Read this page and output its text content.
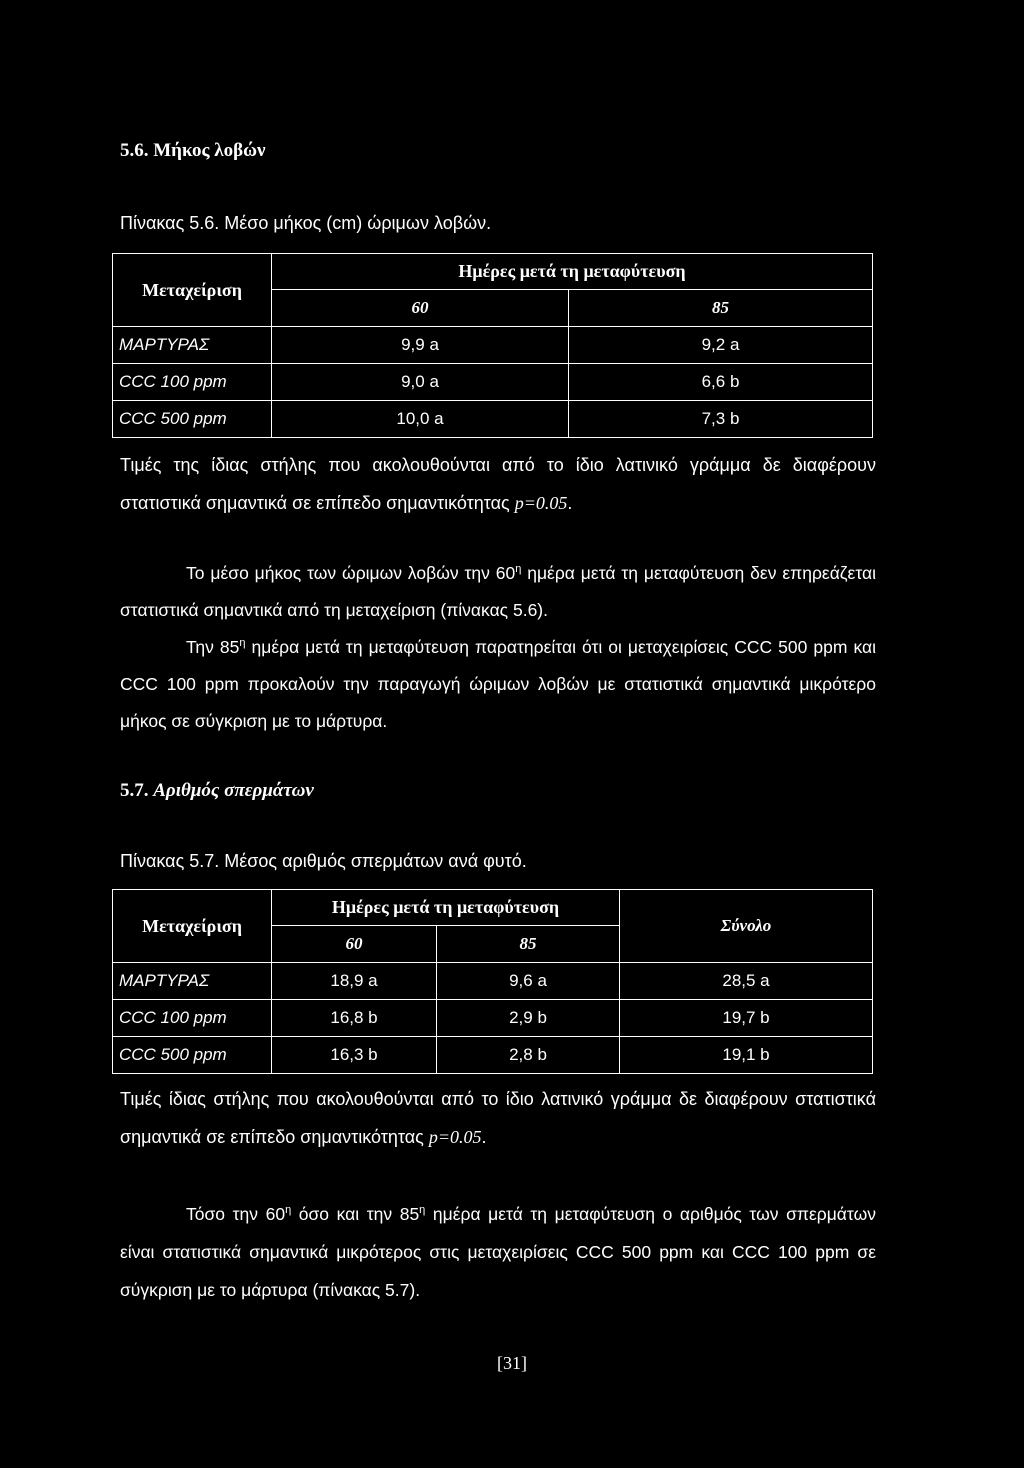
5.6. Μήκος λοβών
Πίνακας 5.6. Μέσο μήκος (cm) ώριμων λοβών.
Μεταχείριση	Ημέρες μετά τη μεταφύτευση	
	60	85
ΜΑΡΤΥΡΑΣ	9,9 a	9,2 a
CCC 100 ppm	9,0 a	6,6 b
CCC 500 ppm	10,0 a	7,3 b
Τιμές της ίδιας στήλης που ακολουθούνται από το ίδιο λατινικό γράμμα δε διαφέρουν στατιστικά σημαντικά σε επίπεδο σημαντικότητας p=0.05.
Το μέσο μήκος των ώριμων λοβών την $60^\eta$ ημέρα μετά τη μεταφύτευση δεν επηρεάζεται στατιστικά σημαντικά από τη μεταχείριση (πίνακας 5.6).
Την $85^\eta$ ημέρα μετά τη μεταφύτευση παρατηρείται ότι οι μεταχειρίσεις CCC 500 ppm και CCC 100 ppm προκαλούν την παραγωγή ώριμων λοβών με στατιστικά σημαντικά μικρότερο μήκος σε σύγκριση με το μάρτυρα.
5.7. Αριθμός σπερμάτων
Πίνακας 5.7. Μέσος αριθμός σπερμάτων ανά φυτό.
Μεταχείριση	Ημέρες μετά τη μεταφύτευση		Σύνολο
	60	85	
ΜΑΡΤΥΡΑΣ	18,9 a	9,6 a	28,5 a
CCC 100 ppm	16,8 b	2,9 b	19,7 b
CCC 500 ppm	16,3 b	2,8 b	19,1 b
Τιμές ίδιας στήλης που ακολουθούνται από το ίδιο λατινικό γράμμα δε διαφέρουν στατιστικά σημαντικά σε επίπεδο σημαντικότητας p=0.05.
Τόσο την $60^\eta$ όσο και την $85^\eta$ ημέρα μετά τη μεταφύτευση ο αριθμός των σπερμάτων είναι στατιστικά σημαντικά μικρότερος στις μεταχειρίσεις CCC 500 ppm και CCC 100 ppm σε σύγκριση με το μάρτυρα (πίνακας 5.7).
[31]
